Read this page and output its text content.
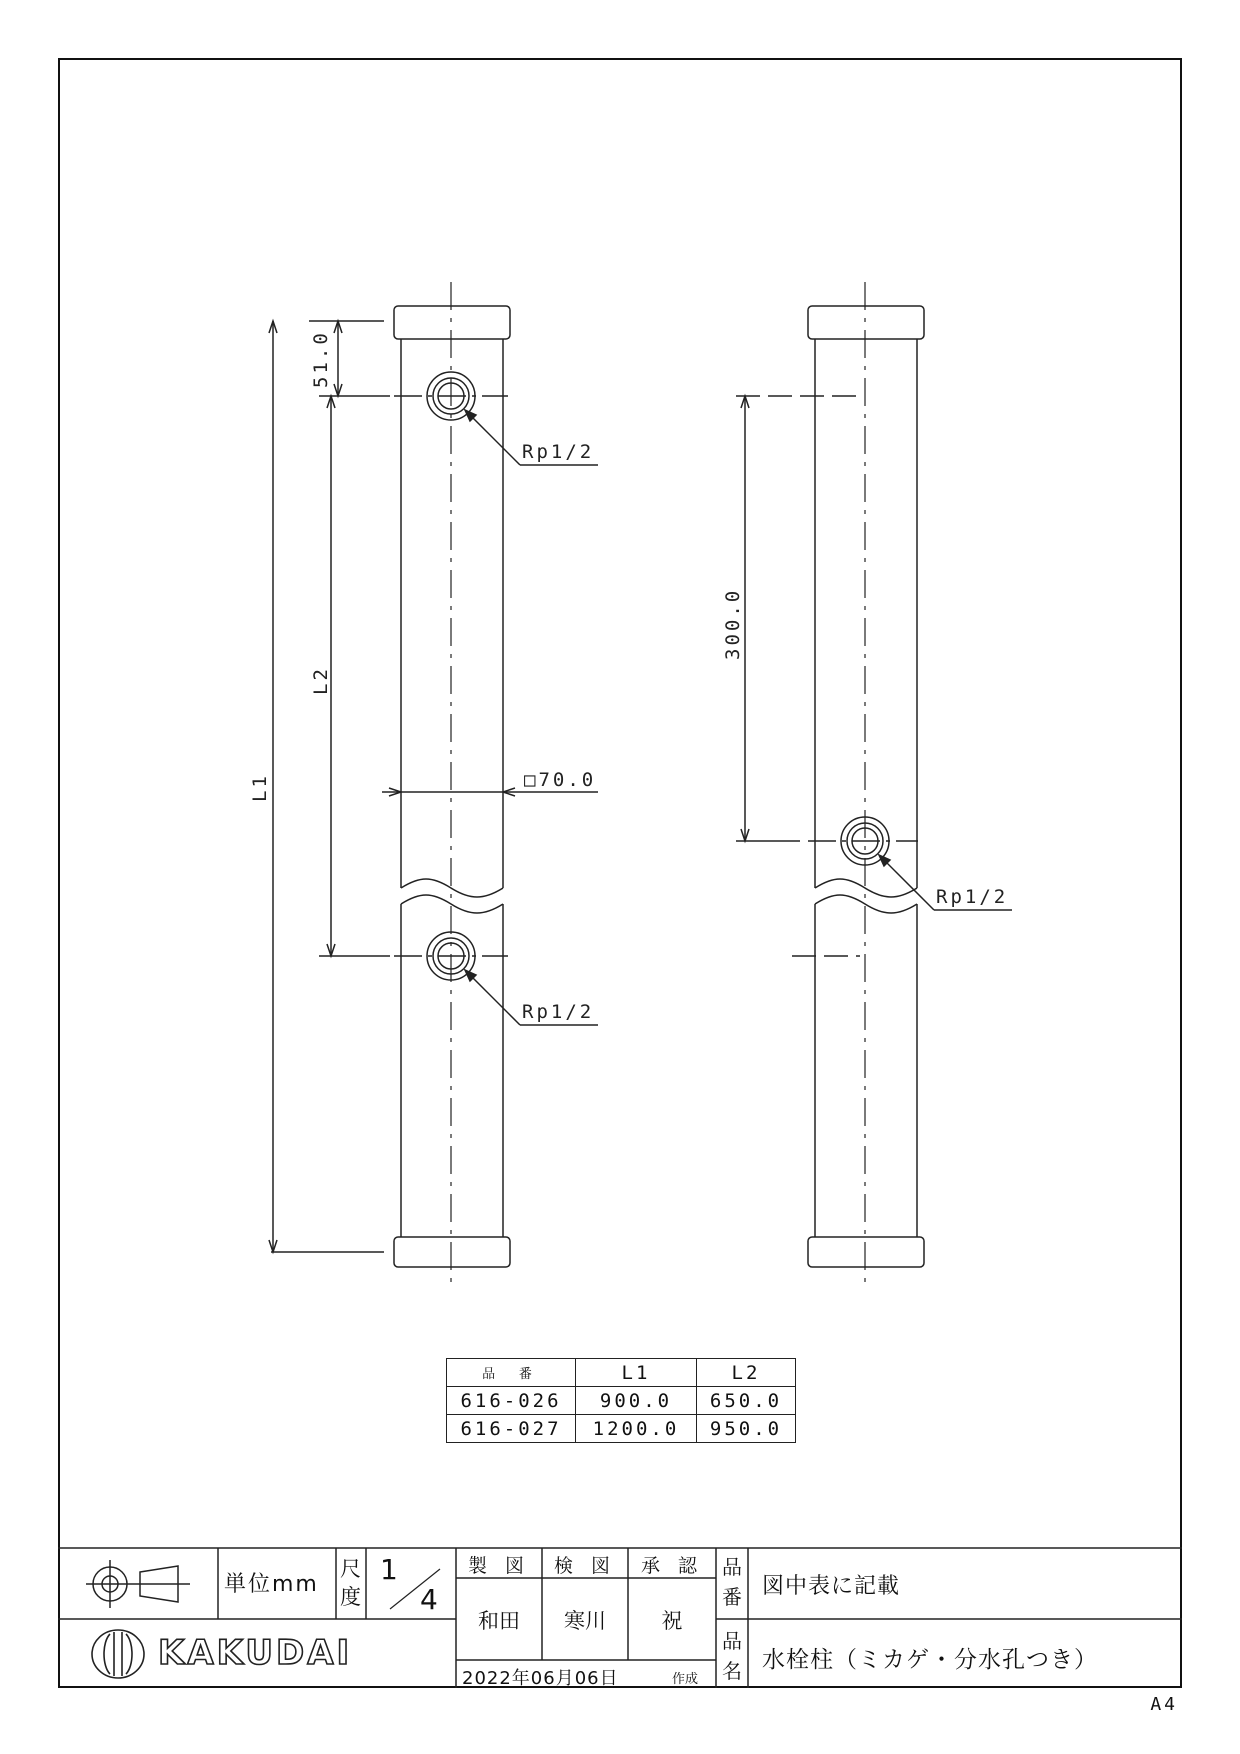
51.0
L2
L1	□70.0
Rp1/2
Rp1/2
300.0
Rp1/2
品 番	L1	L2
616-026	900.0	650.0
616-027	1200.0	950.0
単位mm
尺
度
1
4
製 図	検 図	承 認
和田	寒川	祝
2022年06月06日	作成
品
番 図中表に記載
品
名 水栓柱（ミカゲ・分水孔つき）
KAKUDAI
A4
